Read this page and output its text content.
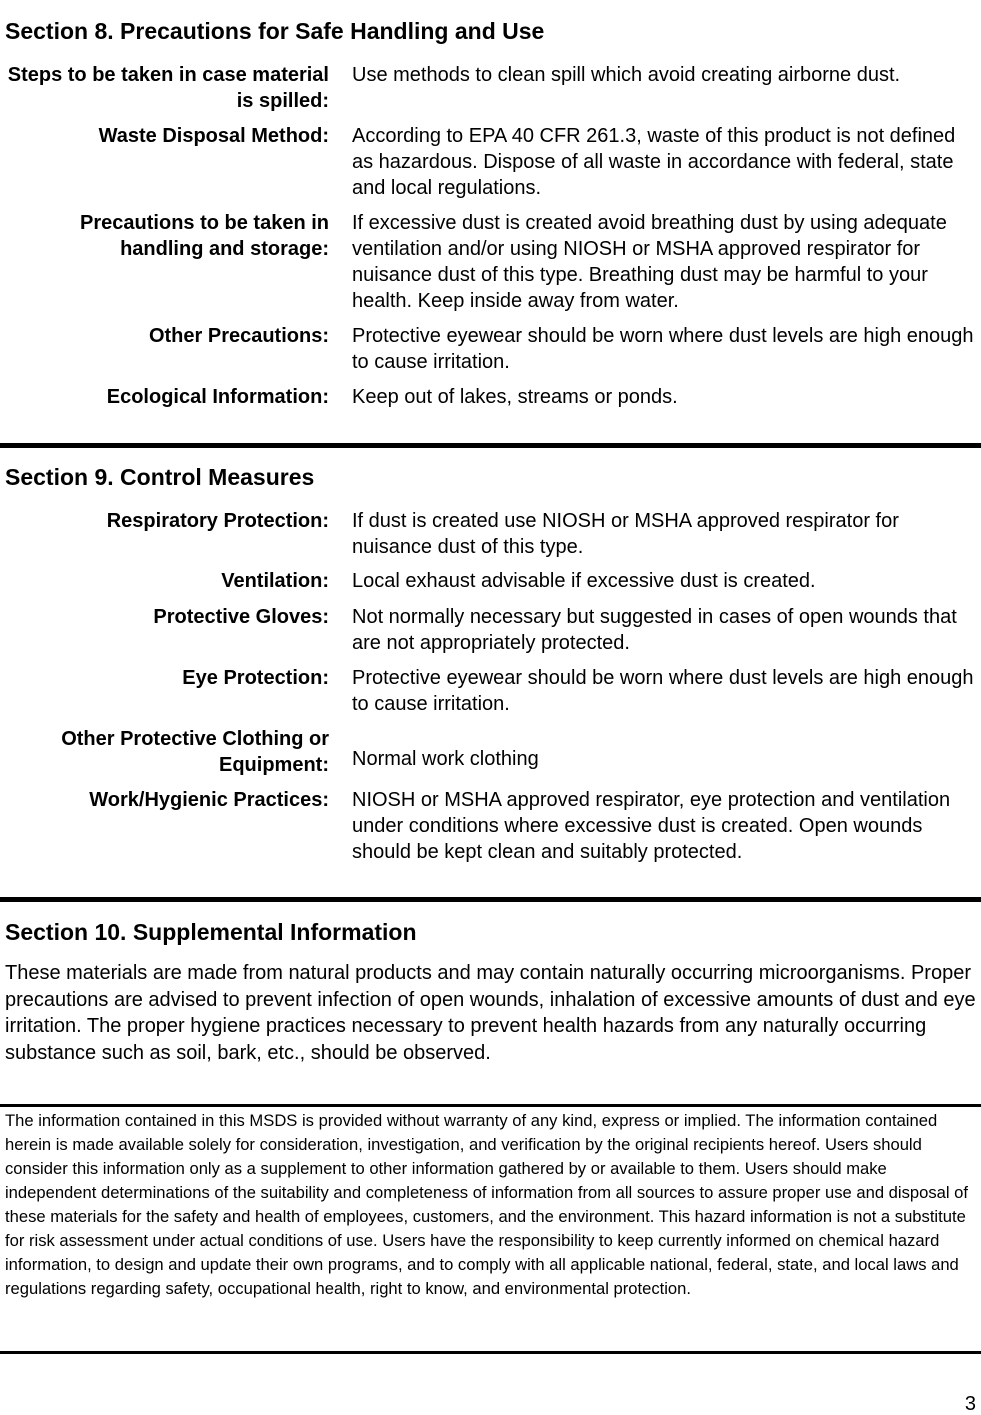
Section 8. Precautions for Safe Handling and Use
Steps to be taken in case material is spilled:
Use methods to clean spill which avoid creating airborne dust.
Waste Disposal Method: According to EPA 40 CFR 261.3, waste of this product is not defined as hazardous. Dispose of all waste in accordance with federal, state and local regulations.
Precautions to be taken in handling and storage:
If excessive dust is created avoid breathing dust by using adequate ventilation and/or using NIOSH or MSHA approved respirator for nuisance dust of this type. Breathing dust may be harmful to your health. Keep inside away from water.
Other Precautions: Protective eyewear should be worn where dust levels are high enough to cause irritation.
Ecological Information: Keep out of lakes, streams or ponds.
Section 9. Control Measures
Respiratory Protection: If dust is created use NIOSH or MSHA approved respirator for nuisance dust of this type.
Ventilation: Local exhaust advisable if excessive dust is created.
Protective Gloves: Not normally necessary but suggested in cases of open wounds that are not appropriately protected.
Eye Protection: Protective eyewear should be worn where dust levels are high enough to cause irritation.
Other Protective Clothing or Equipment: Normal work clothing
Work/Hygienic Practices: NIOSH or MSHA approved respirator, eye protection and ventilation under conditions where excessive dust is created. Open wounds should be kept clean and suitably protected.
Section 10. Supplemental Information
These materials are made from natural products and may contain naturally occurring microorganisms. Proper precautions are advised to prevent infection of open wounds, inhalation of excessive amounts of dust and eye irritation. The proper hygiene practices necessary to prevent health hazards from any naturally occurring substance such as soil, bark, etc., should be observed.
The information contained in this MSDS is provided without warranty of any kind, express or implied. The information contained herein is made available solely for consideration, investigation, and verification by the original recipients hereof. Users should consider this information only as a supplement to other information gathered by or available to them. Users should make independent determinations of the suitability and completeness of information from all sources to assure proper use and disposal of these materials for the safety and health of employees, customers, and the environment. This hazard information is not a substitute for risk assessment under actual conditions of use. Users have the responsibility to keep currently informed on chemical hazard information, to design and update their own programs, and to comply with all applicable national, federal, state, and local laws and regulations regarding safety, occupational health, right to know, and environmental protection.
3
